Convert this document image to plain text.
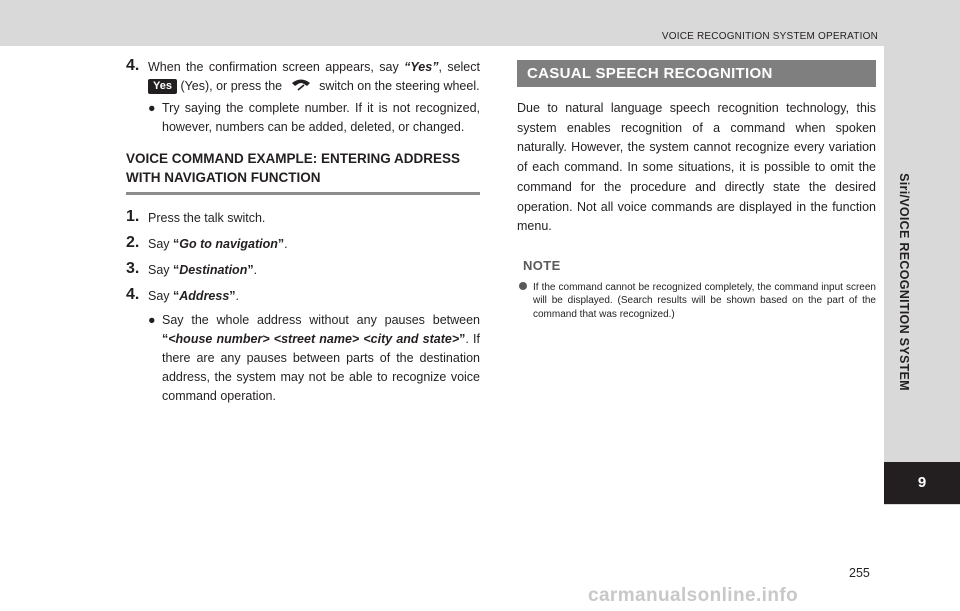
VOICE RECOGNITION SYSTEM OPERATION
Siri/VOICE RECOGNITION SYSTEM
9
4. When the confirmation screen appears, say “Yes”, select Yes (Yes), or press the  switch on the steering wheel.
● Try saying the complete number. If it is not recognized, however, numbers can be added, deleted, or changed.
VOICE COMMAND EXAMPLE: ENTERING ADDRESS WITH NAVIGATION FUNCTION
1. Press the talk switch.
2. Say “Go to navigation”.
3. Say “Destination”.
4. Say “Address”.
● Say the whole address without any pauses between “<house number> <street name> <city and state>”. If there are any pauses between parts of the destination address, the system may not be able to recognize voice command operation.
CASUAL SPEECH RECOGNITION
Due to natural language speech recognition technology, this system enables recognition of a command when spoken naturally. However, the system cannot recognize every variation of each command. In some situations, it is possible to omit the command for the procedure and directly state the desired operation. Not all voice commands are displayed in the function menu.
NOTE
If the command cannot be recognized completely, the command input screen will be displayed. (Search results will be shown based on the part of the command that was recognized.)
255
carmanualsonline.info
